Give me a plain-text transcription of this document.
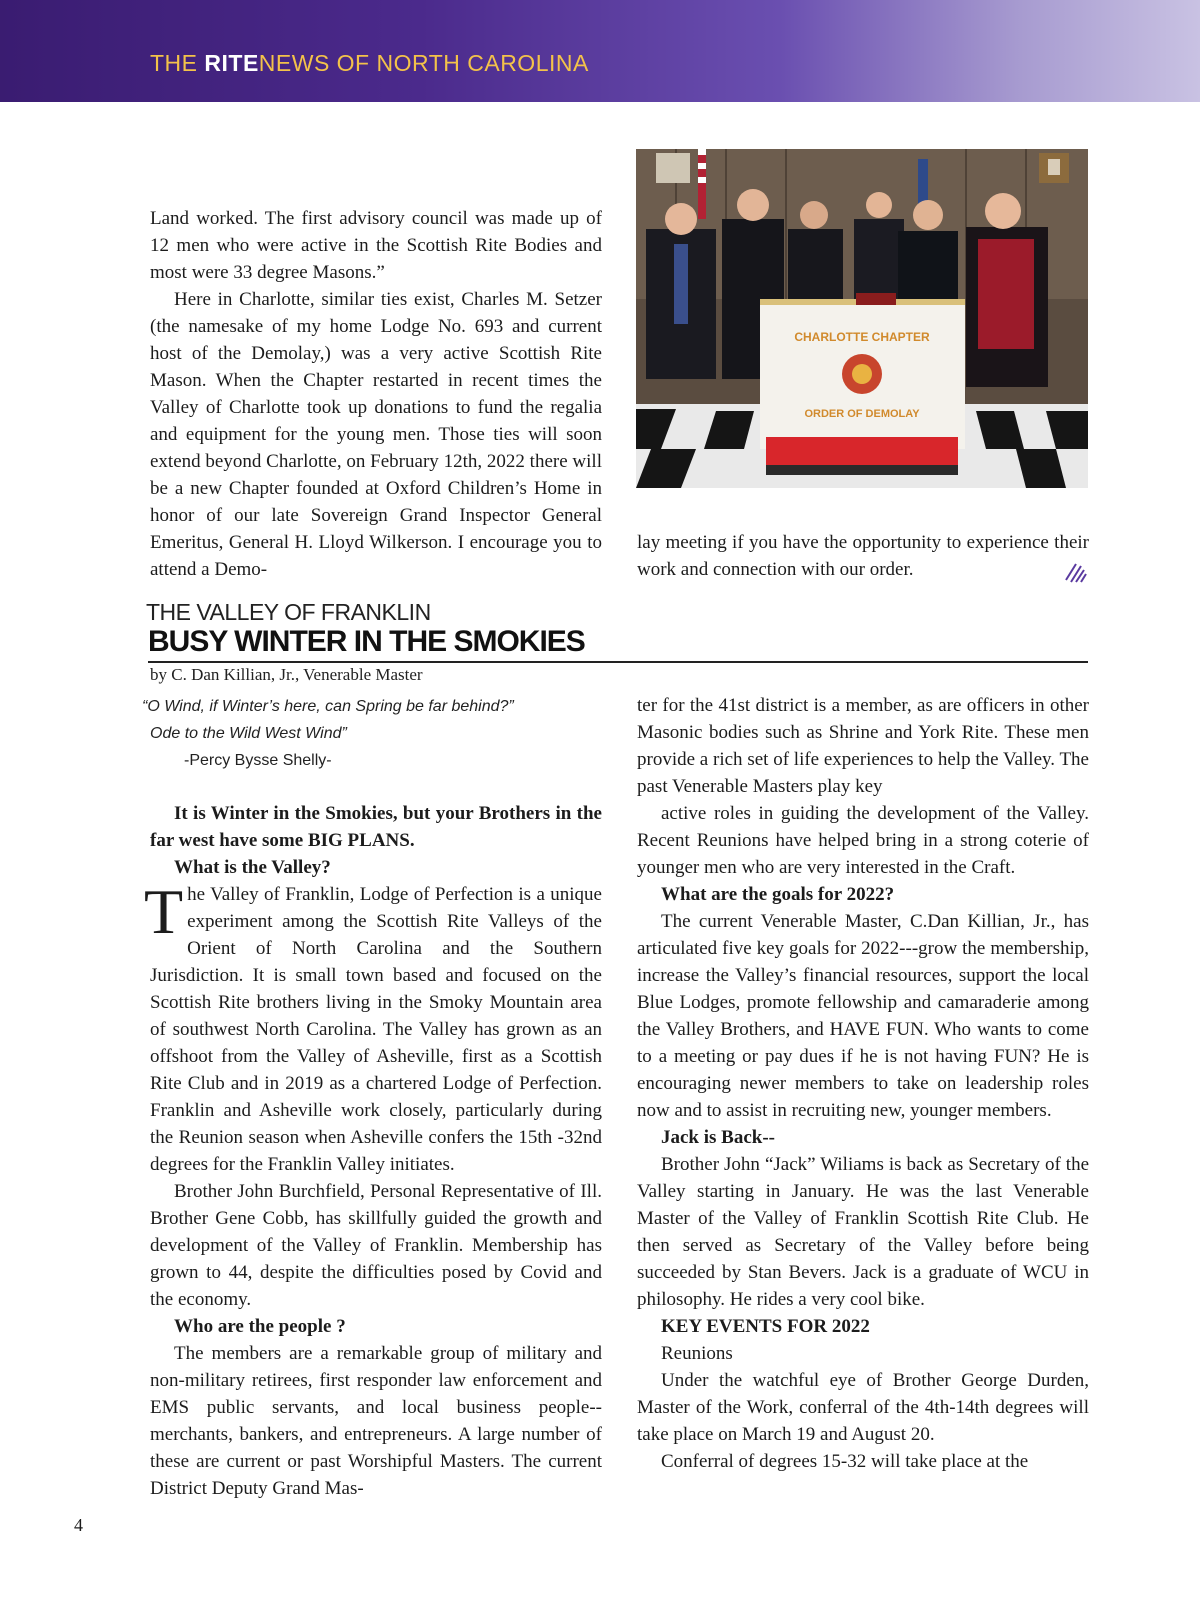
THE RITENEWS OF NORTH CAROLINA

Land worked. The first advisory council was made up of 12 men who were active in the Scottish Rite Bodies and most were 33 degree Masons.”

Here in Charlotte, similar ties exist, Charles M. Setzer (the namesake of my home Lodge No. 693 and current host of the Demolay,) was a very active Scottish Rite Mason. When the Chapter restarted in recent times the Valley of Charlotte took up donations to fund the regalia and equipment for the young men. Those ties will soon extend beyond Charlotte, on February 12th, 2022 there will be a new Chapter founded at Oxford Children’s Home in honor of our late Sovereign Grand Inspector General Emeritus, General H. Lloyd Wilkerson. I encourage you to attend a Demo-

CHARLOTTE CHAPTER
ORDER OF DEMOLAY

lay meeting if you have the opportunity to experience their work and connection with our order.

THE VALLEY OF FRANKLIN
BUSY WINTER IN THE SMOKIES

by C. Dan Killian, Jr., Venerable Master

“O Wind, if Winter’s here, can Spring be far behind?”
Ode to the Wild West Wind”
-Percy Bysse Shelly-

It is Winter in the Smokies, but your Brothers in the far west have some BIG PLANS.

What is the Valley?

The Valley of Franklin, Lodge of Perfection is a unique experiment among the Scottish Rite Valleys of the Orient of North Carolina and the Southern Jurisdiction. It is small town based and focused on the Scottish Rite brothers living in the Smoky Mountain area of southwest North Carolina. The Valley has grown as an offshoot from the Valley of Asheville, first as a Scottish Rite Club and in 2019 as a chartered Lodge of Perfection. Franklin and Asheville work closely, particularly during the Reunion season when Asheville confers the 15th -32nd degrees for the Franklin Valley initiates.

Brother John Burchfield, Personal Representative of Ill. Brother Gene Cobb, has skillfully guided the growth and development of the Valley of Franklin. Membership has grown to 44, despite the difficulties posed by Covid and the economy.

Who are the people ?

The members are a remarkable group of military and non-military retirees, first responder law enforcement and EMS public servants, and local business people--merchants, bankers, and entrepreneurs. A large number of these are current or past Worshipful Masters. The current District Deputy Grand Mas-

ter for the 41st district is a member, as are officers in other Masonic bodies such as Shrine and York Rite. These men provide a rich set of life experiences to help the Valley. The past Venerable Masters play key

active roles in guiding the development of the Valley. Recent Reunions have helped bring in a strong coterie of younger men who are very interested in the Craft.

What are the goals for 2022?

The current Venerable Master, C.Dan Killian, Jr., has articulated five key goals for 2022---grow the membership, increase the Valley’s financial resources, support the local Blue Lodges, promote fellowship and camaraderie among the Valley Brothers, and HAVE FUN. Who wants to come to a meeting or pay dues if he is not having FUN? He is encouraging newer members to take on leadership roles now and to assist in recruiting new, younger members.

Jack is Back--

Brother John “Jack” Wiliams is back as Secretary of the Valley starting in January. He was the last Venerable Master of the Valley of Franklin Scottish Rite Club. He then served as Secretary of the Valley before being succeeded by Stan Bevers. Jack is a graduate of WCU in philosophy. He rides a very cool bike.

KEY EVENTS FOR 2022

Reunions

Under the watchful eye of Brother George Durden, Master of the Work, conferral of the 4th-14th degrees will take place on March 19 and August 20.

Conferral of degrees 15-32 will take place at the

4
